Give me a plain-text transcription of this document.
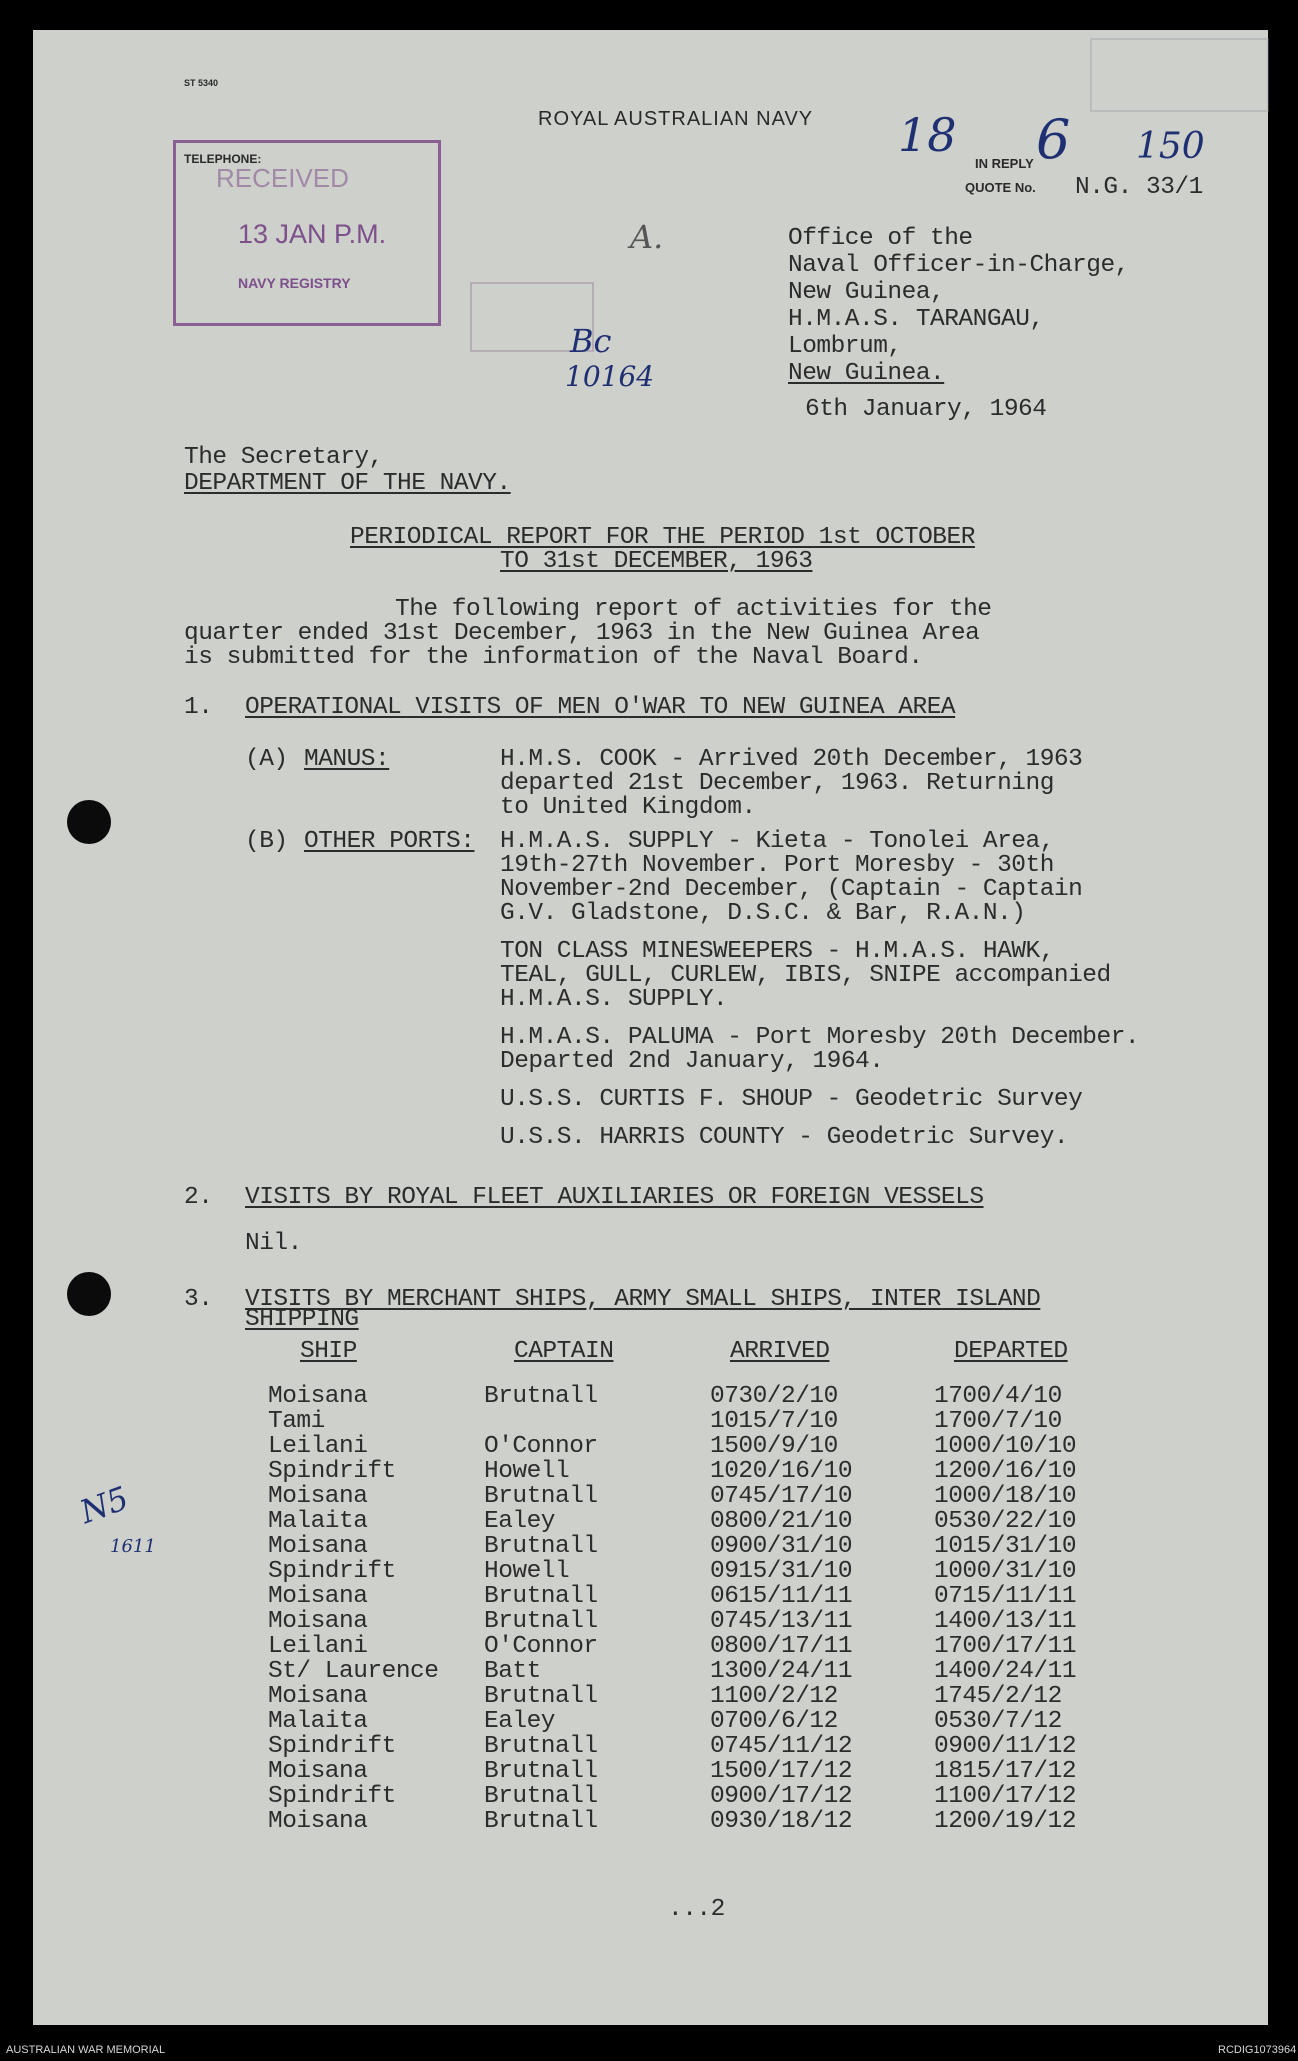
ST 5340
ROYAL AUSTRALIAN NAVY
TELEPHONE:	IN REPLY
QUOTE No. N.G. 33/1
RECEIVED
13 JAN P.M.
NAVY REGISTRY
18 6 150
A.
Bc
10164
N5
1611
Office of the
Naval Officer-in-Charge,
New Guinea,
H.M.A.S. TARANGAU,
Lombrum,
New Guinea.
6th January, 1964
The Secretary,
DEPARTMENT OF THE NAVY.
PERIODICAL REPORT FOR THE PERIOD 1st OCTOBER
TO 31st DECEMBER, 1963
The following report of activities for the
quarter ended 31st December, 1963 in the New Guinea Area
is submitted for the information of the Naval Board.
1. OPERATIONAL VISITS OF MEN O'WAR TO NEW GUINEA AREA
(A) MANUS:	H.M.S. COOK - Arrived 20th December, 1963
departed 21st December, 1963. Returning
to United Kingdom.
(B) OTHER PORTS: H.M.A.S. SUPPLY - Kieta - Tonolei Area,
19th-27th November. Port Moresby - 30th
November-2nd December, (Captain - Captain
G.V. Gladstone, D.S.C. & Bar, R.A.N.)
TON CLASS MINESWEEPERS - H.M.A.S. HAWK,
TEAL, GULL, CURLEW, IBIS, SNIPE accompanied
H.M.A.S. SUPPLY.
H.M.A.S. PALUMA - Port Moresby 20th December.
Departed 2nd January, 1964.
U.S.S. CURTIS F. SHOUP - Geodetric Survey
U.S.S. HARRIS COUNTY - Geodetric Survey.
2. VISITS BY ROYAL FLEET AUXILIARIES OR FOREIGN VESSELS
Nil.
3. VISITS BY MERCHANT SHIPS, ARMY SMALL SHIPS, INTER ISLAND
SHIPPING
SHIP	CAPTAIN	ARRIVED	DEPARTED
Moisana	Brutnall	0730/2/10	1700/4/10
Tami		1015/7/10	1700/7/10
Leilani	O'Connor	1500/9/10	1000/10/10
Spindrift	Howell	1020/16/10	1200/16/10
Moisana	Brutnall	0745/17/10	1000/18/10
Malaita	Ealey	0800/21/10	0530/22/10
Moisana	Brutnall	0900/31/10	1015/31/10
Spindrift	Howell	0915/31/10	1000/31/10
Moisana	Brutnall	0615/11/11	0715/11/11
Moisana	Brutnall	0745/13/11	1400/13/11
Leilani	O'Connor	0800/17/11	1700/17/11
St/ Laurence	Batt	1300/24/11	1400/24/11
Moisana	Brutnall	1100/2/12	1745/2/12
Malaita	Ealey	0700/6/12	0530/7/12
Spindrift	Brutnall	0745/11/12	0900/11/12
Moisana	Brutnall	1500/17/12	1815/17/12
Spindrift	Brutnall	0900/17/12	1100/17/12
Moisana	Brutnall	0930/18/12	1200/19/12
...2
AUSTRALIAN WAR MEMORIAL	RCDIG1073964
